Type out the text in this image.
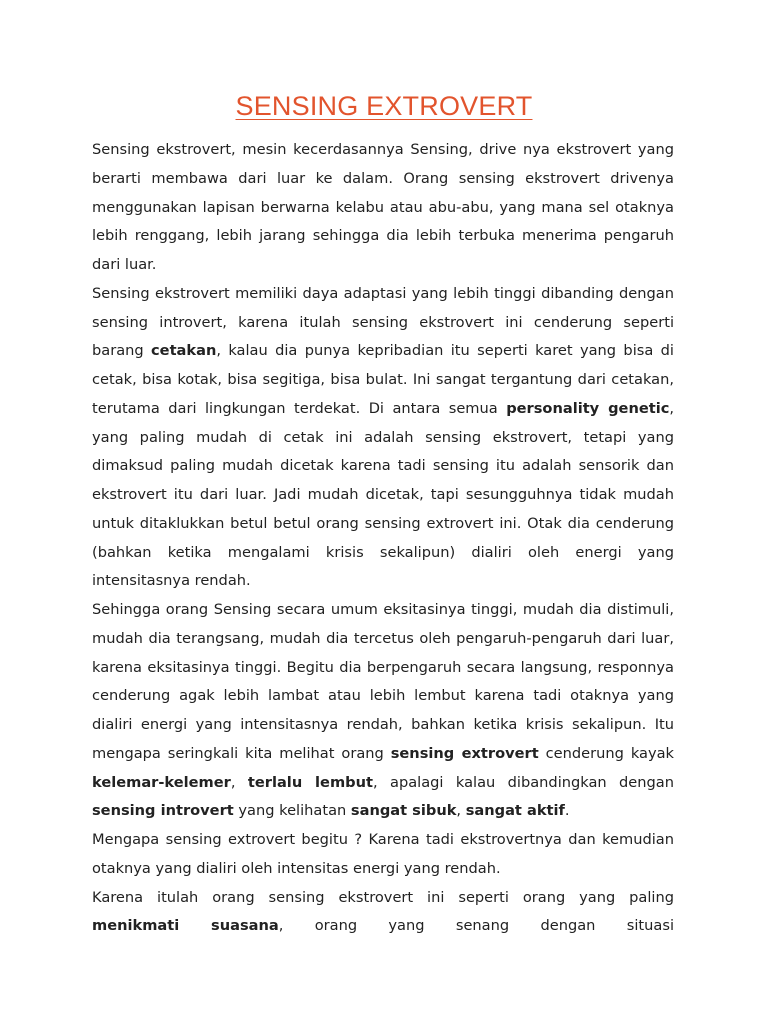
SENSING EXTROVERT

Sensing ekstrovert, mesin kecerdasannya Sensing, drive nya ekstrovert yang berarti membawa dari luar ke dalam. Orang sensing ekstrovert drivenya menggunakan lapisan berwarna kelabu atau abu-abu, yang mana sel otaknya lebih renggang, lebih jarang sehingga dia lebih terbuka menerima pengaruh dari luar.

Sensing ekstrovert memiliki daya adaptasi yang lebih tinggi dibanding dengan sensing introvert, karena itulah sensing ekstrovert ini cenderung seperti barang cetakan, kalau dia punya kepribadian itu seperti karet yang bisa di cetak, bisa kotak, bisa segitiga, bisa bulat. Ini sangat tergantung dari cetakan, terutama dari lingkungan terdekat. Di antara semua personality genetic, yang paling mudah di cetak ini adalah sensing ekstrovert, tetapi yang dimaksud paling mudah dicetak karena tadi sensing itu adalah sensorik dan ekstrovert itu dari luar. Jadi mudah dicetak, tapi sesungguhnya tidak mudah untuk ditaklukkan betul betul orang sensing extrovert ini. Otak dia cenderung (bahkan ketika mengalami krisis sekalipun) dialiri oleh energi yang intensitasnya rendah.

Sehingga orang Sensing secara umum eksitasinya tinggi, mudah dia distimuli, mudah dia terangsang, mudah dia tercetus oleh pengaruh-pengaruh dari luar, karena eksitasinya tinggi. Begitu dia berpengaruh secara langsung, responnya cenderung agak lebih lambat atau lebih lembut karena tadi otaknya yang dialiri energi yang intensitasnya rendah, bahkan ketika krisis sekalipun. Itu mengapa seringkali kita melihat orang sensing extrovert cenderung kayak kelemar-kelemer, terlalu lembut, apalagi kalau dibandingkan dengan sensing introvert yang kelihatan sangat sibuk, sangat aktif.

Mengapa sensing extrovert begitu ? Karena tadi ekstrovertnya dan kemudian otaknya yang dialiri oleh intensitas energi yang rendah.

Karena itulah orang sensing ekstrovert ini seperti orang yang paling menikmati suasana, orang yang senang dengan situasi
